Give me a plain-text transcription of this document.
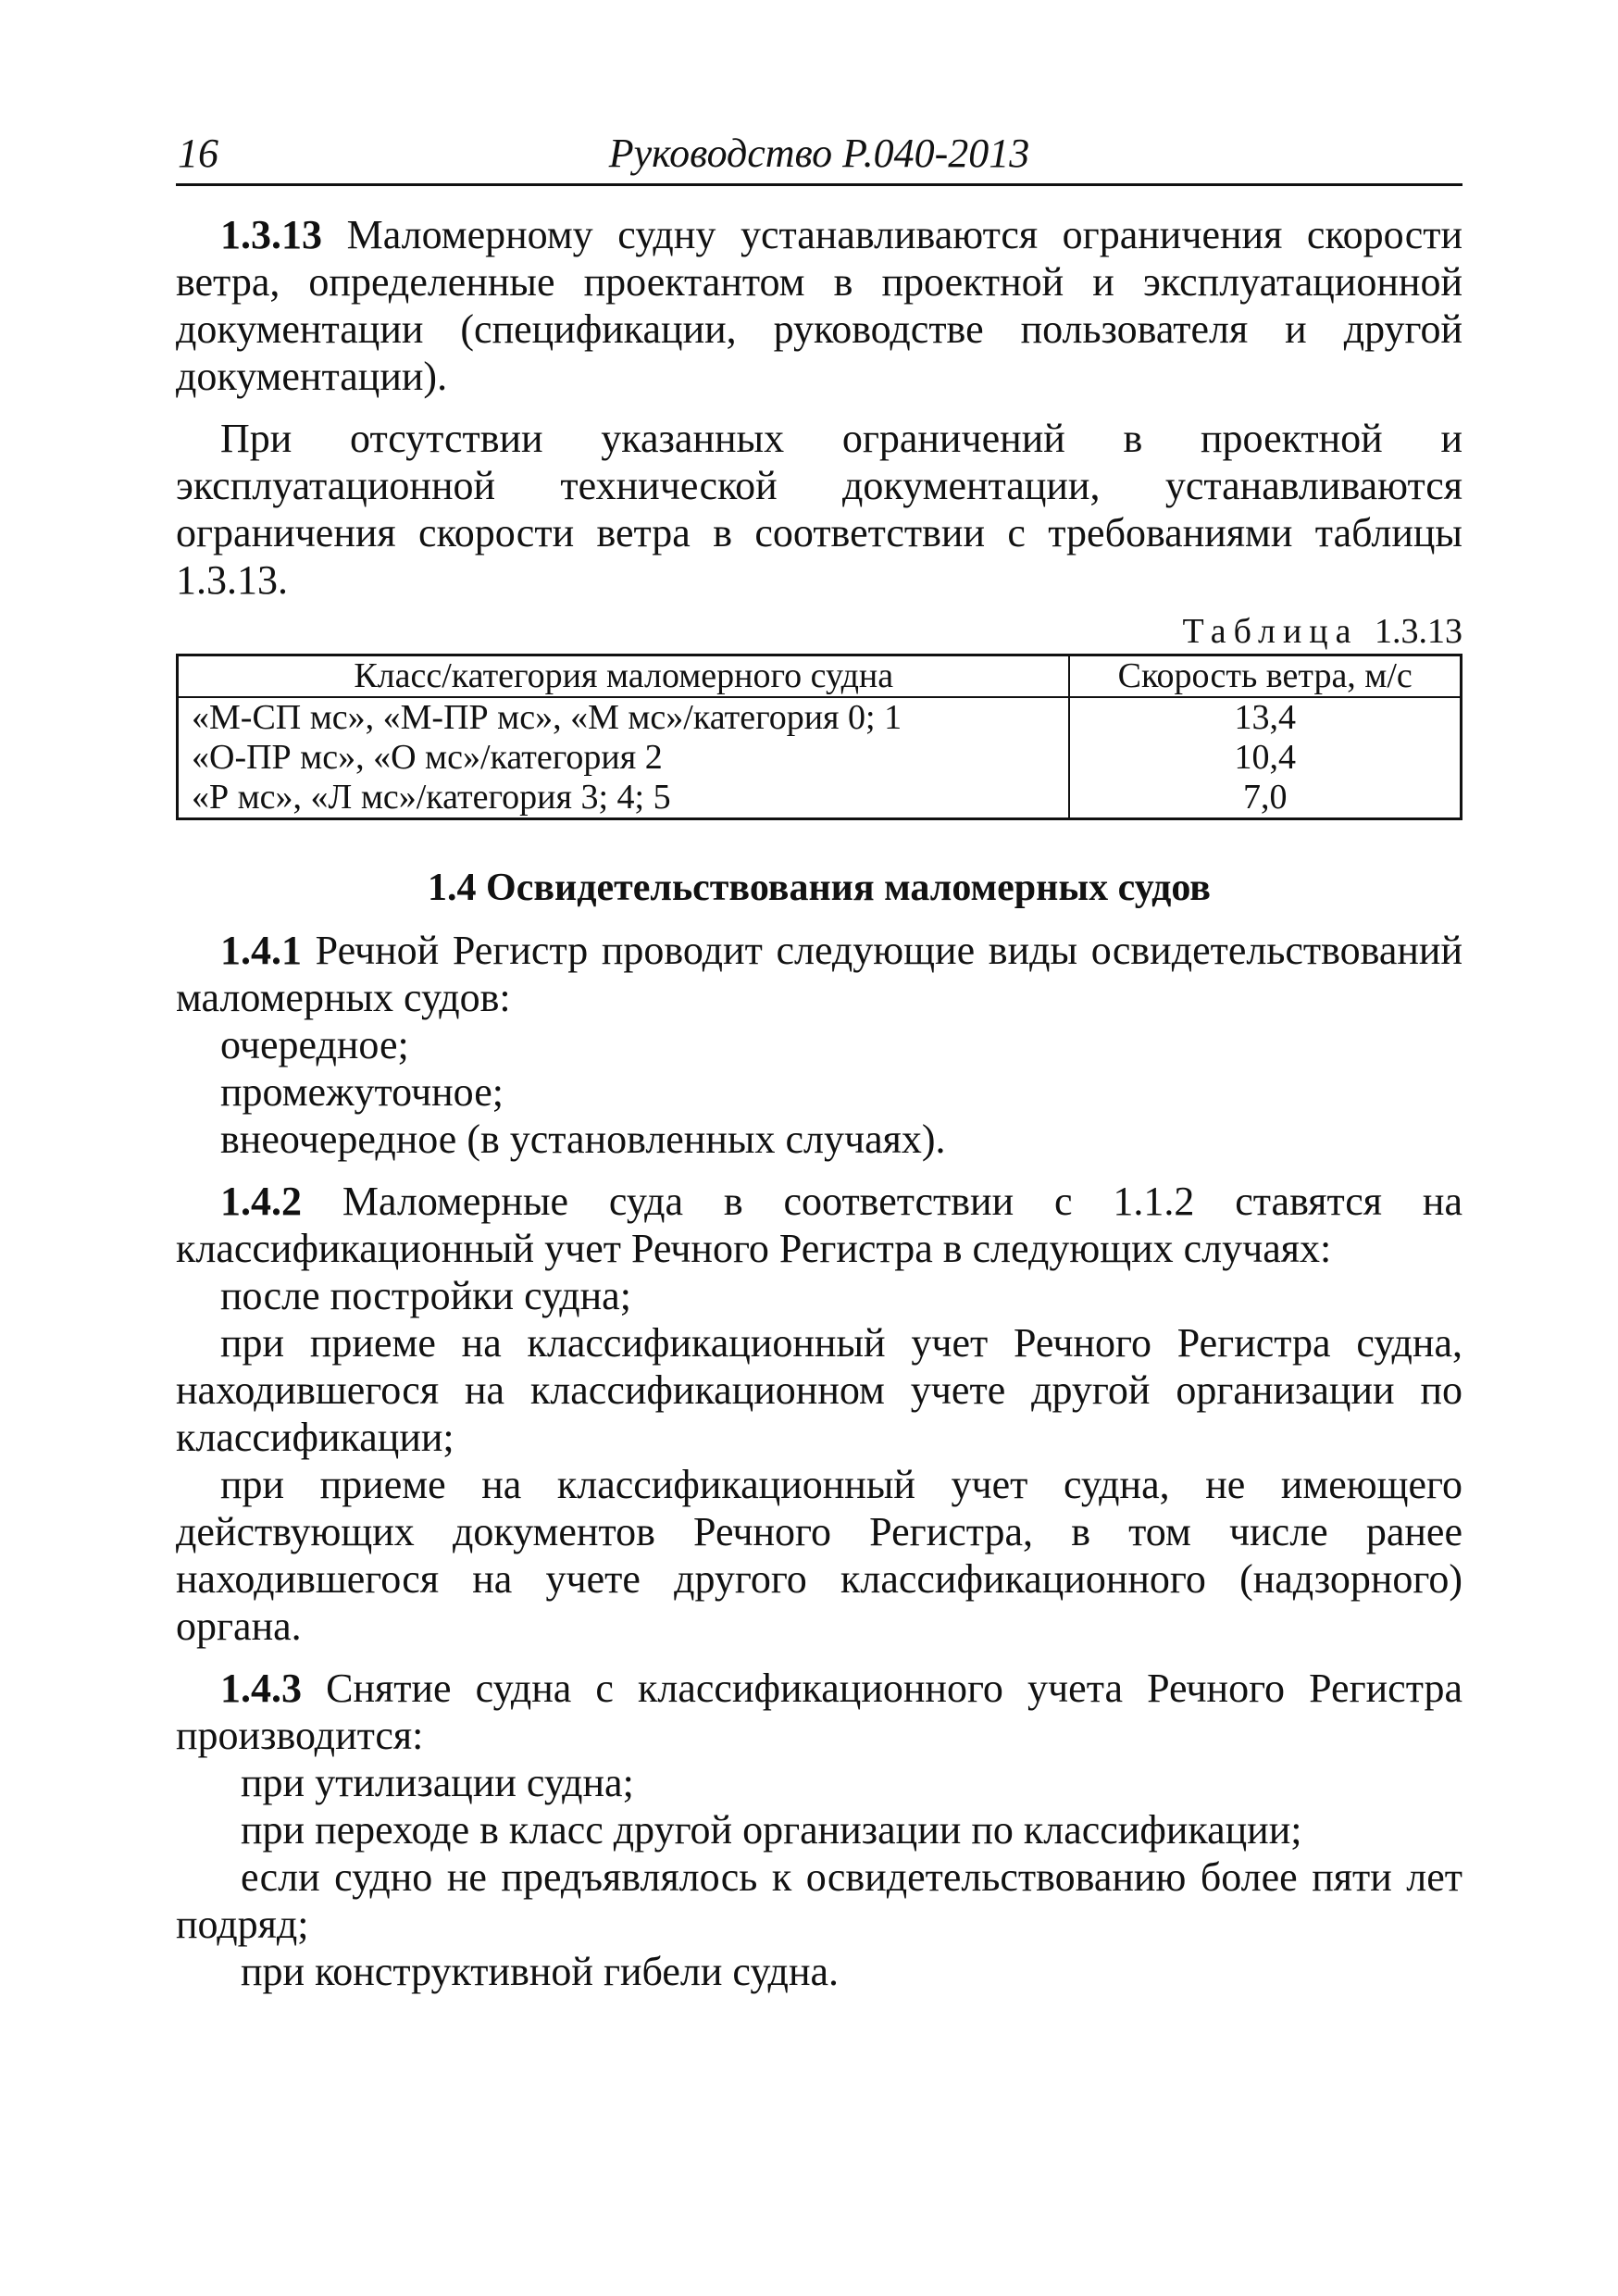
16	Руководство Р.040-2013

1.3.13 Маломерному судну устанавливаются ограничения скорости ветра, определенные проектантом в проектной и эксплуатационной документации (спецификации, руководстве пользователя и другой документации).

При отсутствии указанных ограничений в проектной и эксплуатационной технической документации, устанавливаются ограничения скорости ветра в соответствии с требованиями таблицы 1.3.13.

Таблица 1.3.13
Класс/категория маломерного судна	Скорость ветра, м/с
«М-СП мс», «М-ПР мс», «М мс»/категория 0; 1	13,4
«О-ПР мс», «О мс»/категория 2	10,4
«Р мс», «Л мс»/категория 3; 4; 5	7,0

1.4 Освидетельствования маломерных судов

1.4.1 Речной Регистр проводит следующие виды освидетельствований маломерных судов:

очередное;

промежуточное;

внеочередное (в установленных случаях).

1.4.2 Маломерные суда в соответствии с 1.1.2 ставятся на классификационный учет Речного Регистра в следующих случаях:

после постройки судна;

при приеме на классификационный учет Речного Регистра судна, находившегося на классификационном учете другой организации по классификации;

при приеме на классификационный учет судна, не имеющего действующих документов Речного Регистра, в том числе ранее находившегося на учете другого классификационного (надзорного) органа.

1.4.3 Снятие судна с классификационного учета Речного Регистра производится:

при утилизации судна;

при переходе в класс другой организации по классификации;

если судно не предъявлялось к освидетельствованию более пяти лет подряд;

при конструктивной гибели судна.
